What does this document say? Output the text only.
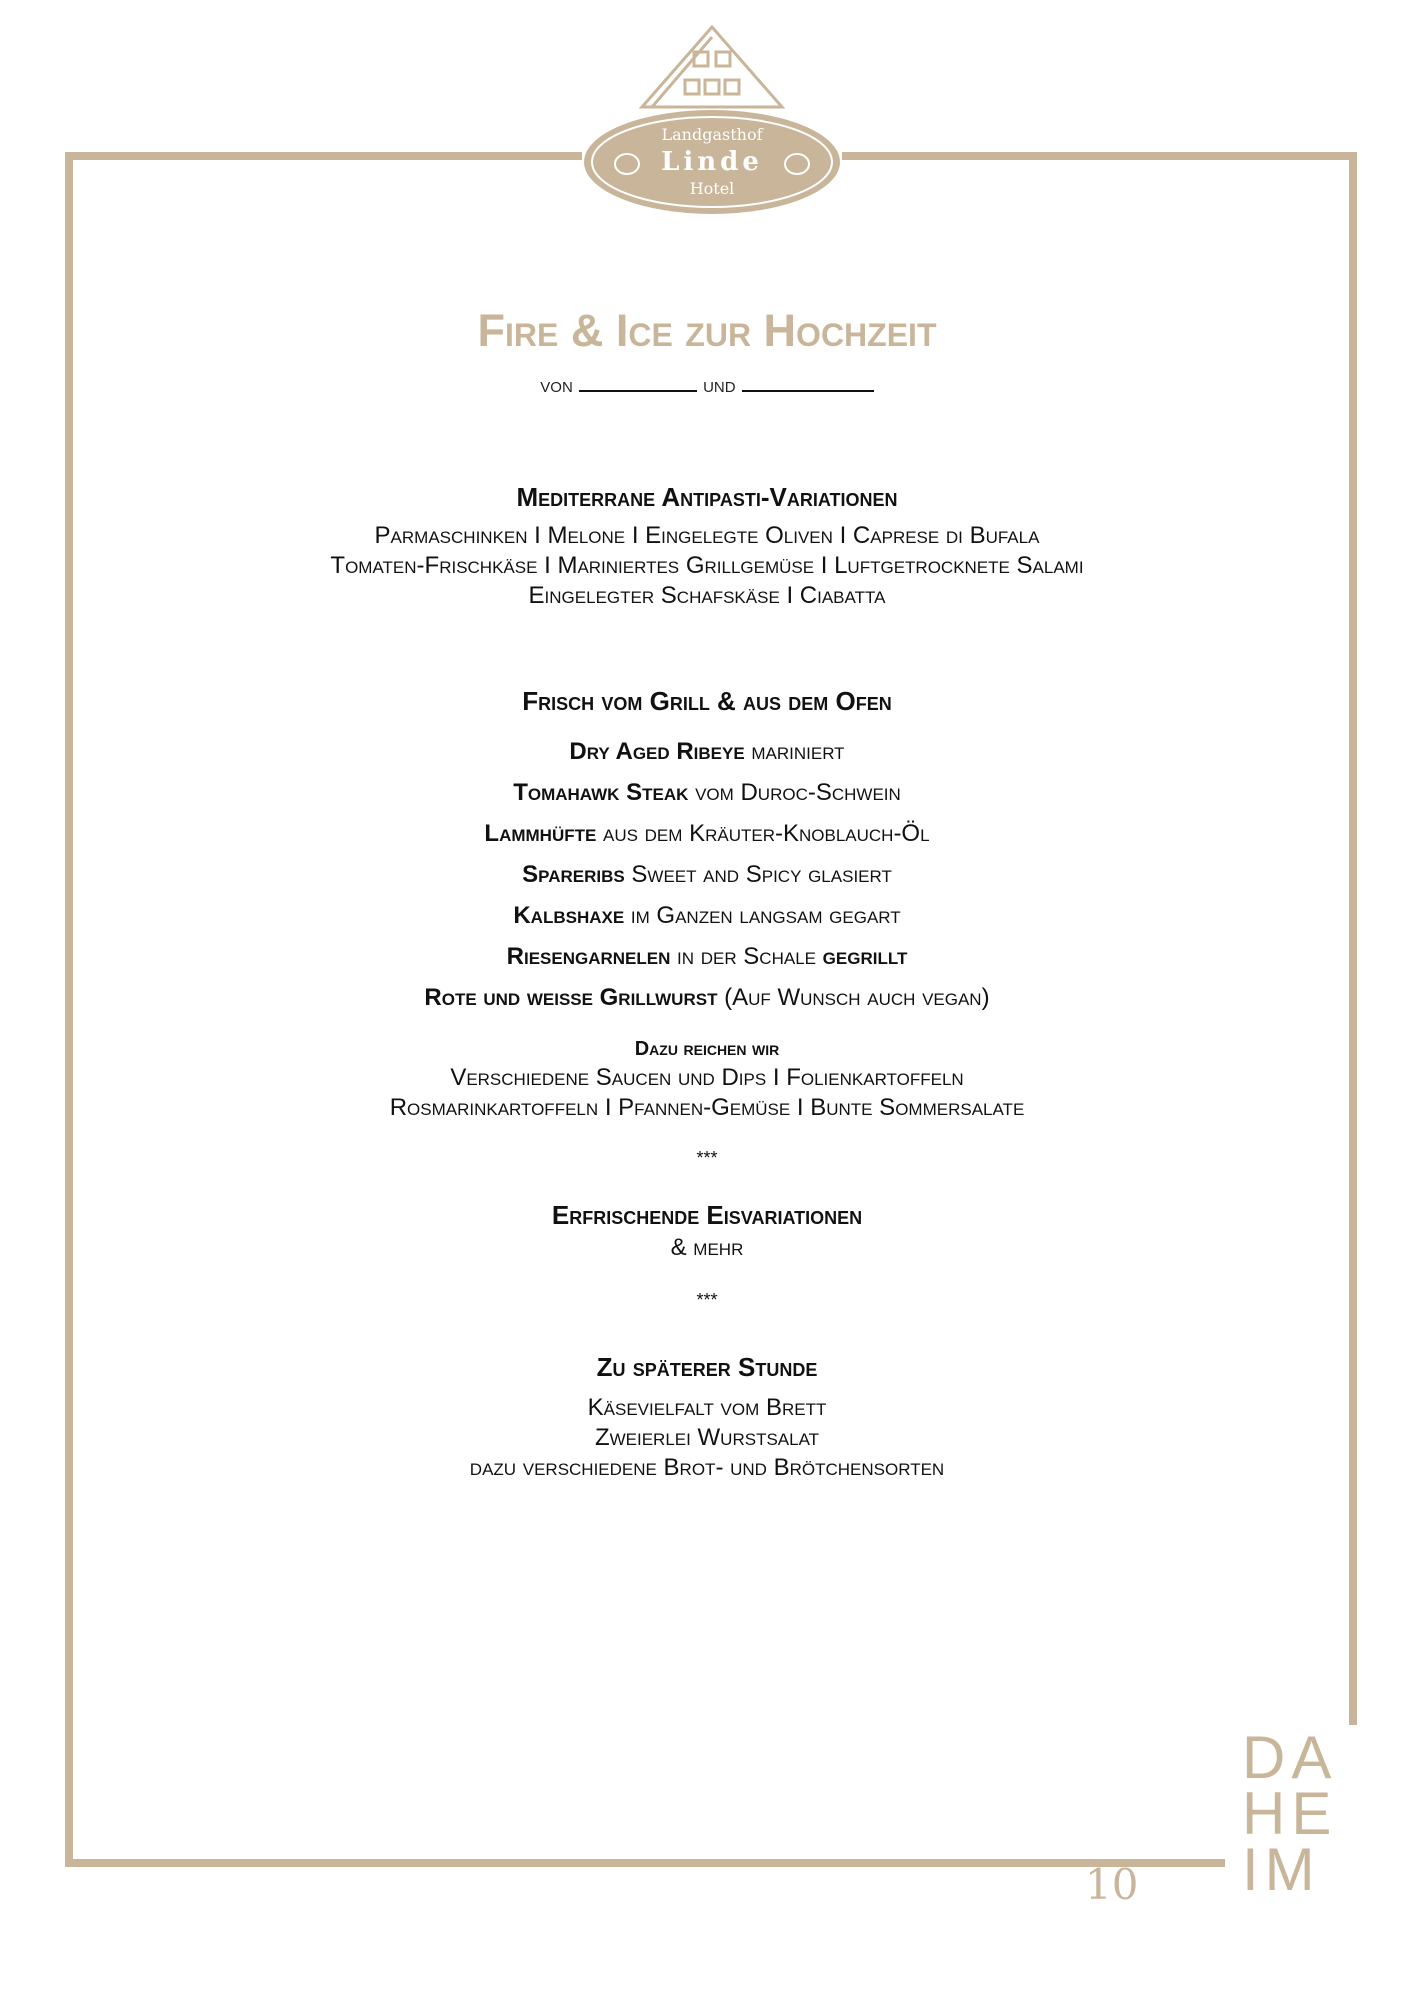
Landgasthof
Linde
Hotel
Fire & Ice zur Hochzeit
von	und
Mediterrane Antipasti-Variationen
Parmaschinken I Melone I Eingelegte Oliven I Caprese di Bufala
Tomaten-Frischkäse I Mariniertes Grillgemüse I Luftgetrocknete Salami
Eingelegter Schafskäse I Ciabatta
Frisch vom Grill & aus dem Ofen
Dry Aged Ribeye mariniert
Tomahawk Steak vom Duroc-Schwein
Lammhüfte aus dem Kräuter-Knoblauch-Öl
Spareribs Sweet and Spicy glasiert
Kalbshaxe im Ganzen langsam gegart
Riesengarnelen in der Schale gegrillt
Rote und weiße Grillwurst (Auf Wunsch auch vegan)
Dazu reichen wir
Verschiedene Saucen und Dips I Folienkartoffeln
Rosmarinkartoffeln I Pfannen-Gemüse I Bunte Sommersalate
***
Erfrischende Eisvariationen
& mehr
***
Zu späterer Stunde
Käsevielfalt vom Brett
Zweierlei Wurstsalat
dazu verschiedene Brot- und Brötchensorten
DA
HE
IM
10
